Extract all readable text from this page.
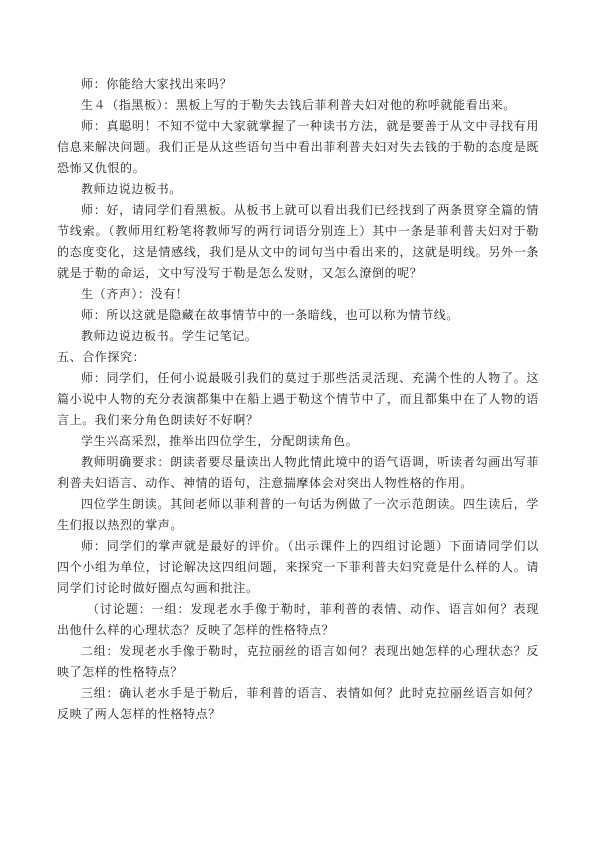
师：你能给大家找出来吗？

生４（指黑板）：黑板上写的于勒失去钱后菲利普夫妇对他的称呼就能看出来。

师：真聪明！不知不觉中大家就掌握了一种读书方法，就是要善于从文中寻找有用信息来解决问题。我们正是从这些语句当中看出菲利普夫妇对失去钱的于勒的态度是既恐怖又仇恨的。

教师边说边板书。

师：好，请同学们看黑板。从板书上就可以看出我们已经找到了两条贯穿全篇的情节线索。（教师用红粉笔将教师写的两行词语分别连上）其中一条是菲利普夫妇对于勒的态度变化，这是情感线，我们是从文中的词句当中看出来的，这就是明线。另外一条就是于勒的命运，文中写没写于勒是怎么发财，又怎么潦倒的呢？

生（齐声）：没有！

师：所以这就是隐藏在故事情节中的一条暗线，也可以称为情节线。

教师边说边板书。学生记笔记。

五、合作探究：

师：同学们，任何小说最吸引我们的莫过于那些活灵活现、充满个性的人物了。这篇小说中人物的充分表演都集中在船上遇于勒这个情节中了，而且都集中在了人物的语言上。我们来分角色朗读好不好啊？

学生兴高采烈，推举出四位学生，分配朗读角色。

教师明确要求：朗读者要尽量读出人物此情此境中的语气语调，听读者勾画出写菲利普夫妇语言、动作、神情的语句，注意揣摩体会对突出人物性格的作用。

四位学生朗读。其间老师以菲利普的一句话为例做了一次示范朗读。四生读后，学生们报以热烈的掌声。

师：同学们的掌声就是最好的评价。（出示课件上的四组讨论题）下面请同学们以四个小组为单位，讨论解决这四组问题，来探究一下菲利普夫妇究竟是什么样的人。请同学们讨论时做好圈点勾画和批注。

（讨论题：一组：发现老水手像于勒时，菲利普的表情、动作、语言如何？表现出他什么样的心理状态？反映了怎样的性格特点？

二组：发现老水手像于勒时，克拉丽丝的语言如何？表现出她怎样的心理状态？反映了怎样的性格特点？

三组：确认老水手是于勒后，菲利普的语言、表情如何？此时克拉丽丝语言如何？反映了两人怎样的性格特点？
